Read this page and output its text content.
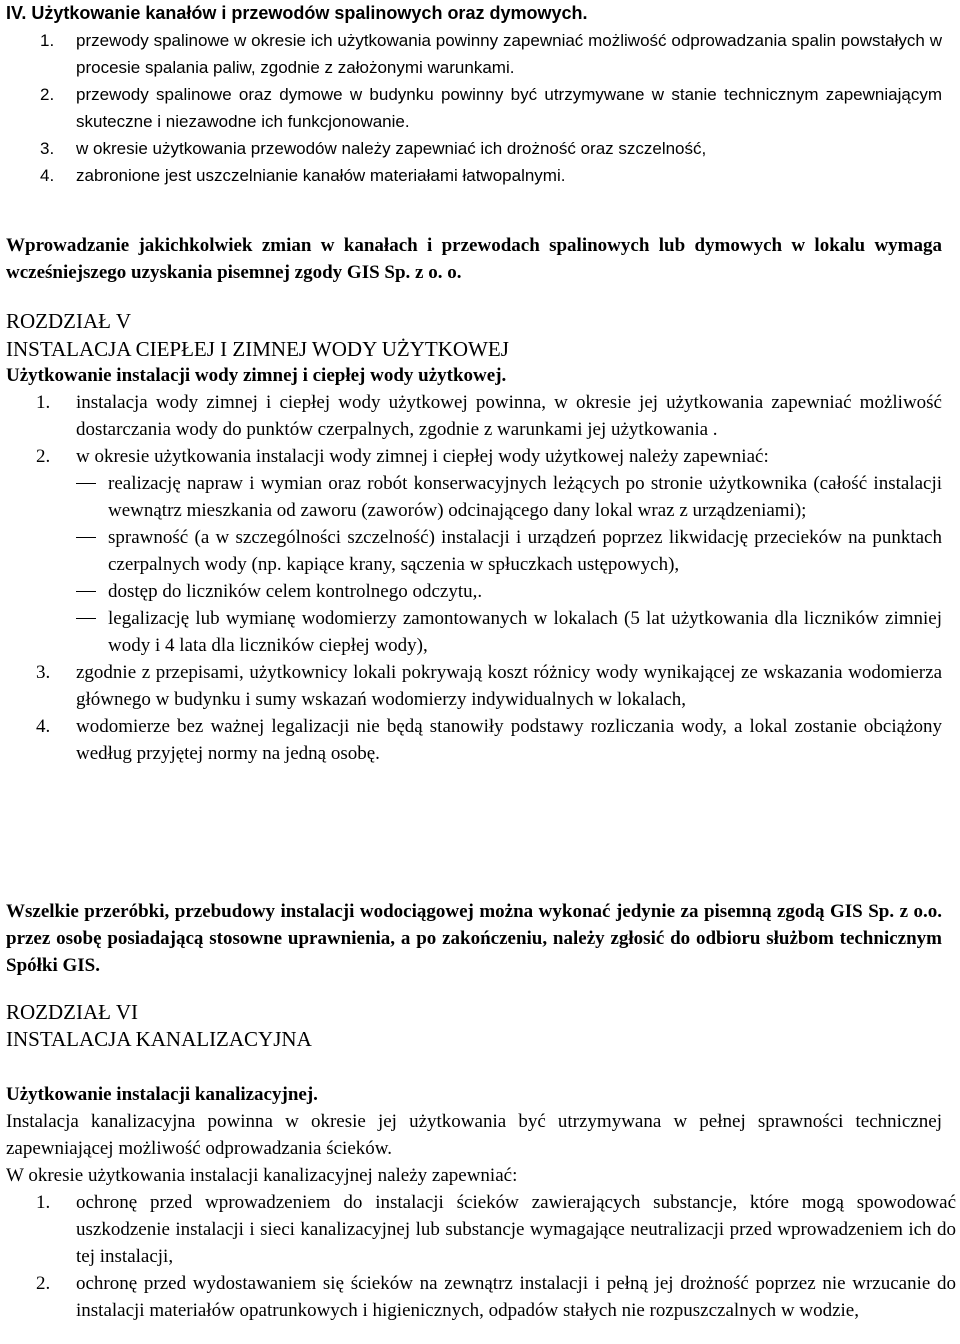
IV. Użytkowanie kanałów i przewodów spalinowych oraz dymowych.
1. przewody spalinowe w okresie ich użytkowania powinny zapewniać możliwość odprowadzania spalin powstałych w procesie spalania paliw, zgodnie z założonymi warunkami.
2. przewody spalinowe oraz dymowe w budynku powinny być utrzymywane w stanie technicznym zapewniającym skuteczne i niezawodne ich funkcjonowanie.
3. w okresie użytkowania przewodów należy zapewniać ich drożność oraz szczelność,
4. zabronione jest uszczelnianie kanałów materiałami łatwopalnymi.
Wprowadzanie jakichkolwiek zmian w kanałach i przewodach spalinowych lub dymowych w lokalu wymaga wcześniejszego uzyskania pisemnej zgody GIS Sp. z o. o.
ROZDZIAŁ V
INSTALACJA CIEPŁEJ I ZIMNEJ WODY UŻYTKOWEJ
Użytkowanie instalacji wody zimnej i ciepłej wody użytkowej.
1. instalacja wody zimnej i ciepłej wody użytkowej powinna, w okresie jej użytkowania zapewniać możliwość dostarczania wody do punktów czerpalnych, zgodnie z warunkami jej użytkowania .
2. w okresie użytkowania instalacji wody zimnej i ciepłej wody użytkowej należy zapewniać:
realizację napraw i wymian oraz robót konserwacyjnych leżących po stronie użytkownika (całość instalacji wewnątrz mieszkania od zaworu (zaworów) odcinającego dany lokal wraz z urządzeniami);
sprawność (a w szczególności szczelność) instalacji i urządzeń poprzez likwidację przecieków na punktach czerpalnych wody (np. kapiące krany, sączenia w spłuczkach ustępowych),
dostęp do liczników celem kontrolnego odczytu,.
legalizację lub wymianę wodomierzy zamontowanych w lokalach (5 lat użytkowania dla liczników zimniej wody i 4 lata dla liczników ciepłej wody),
3. zgodnie z przepisami, użytkownicy lokali pokrywają koszt różnicy wody wynikającej ze wskazania wodomierza głównego w budynku i sumy wskazań wodomierzy indywidualnych w lokalach,
4. wodomierze bez ważnej legalizacji nie będą stanowiły podstawy rozliczania wody, a lokal zostanie obciążony według przyjętej normy na jedną osobę.
Wszelkie przeróbki, przebudowy instalacji wodociągowej można wykonać jedynie za pisemną zgodą GIS Sp. z o.o. przez osobę posiadającą stosowne uprawnienia, a po zakończeniu, należy zgłosić do odbioru służbom technicznym Spółki GIS.
ROZDZIAŁ VI
INSTALACJA KANALIZACYJNA
Użytkowanie instalacji kanalizacyjnej.
Instalacja kanalizacyjna powinna w okresie jej użytkowania być utrzymywana w pełnej sprawności technicznej zapewniającej możliwość odprowadzania ścieków.
W okresie użytkowania instalacji kanalizacyjnej należy zapewniać:
1. ochronę przed wprowadzeniem do instalacji ścieków zawierających substancje, które mogą spowodować uszkodzenie instalacji i sieci kanalizacyjnej lub substancje wymagające neutralizacji przed wprowadzeniem ich do tej instalacji,
2. ochronę przed wydostawaniem się ścieków na zewnątrz instalacji i pełną jej drożność poprzez nie wrzucanie do instalacji materiałów opatrunkowych i higienicznych, odpadów stałych nie rozpuszczalnych w wodzie,
